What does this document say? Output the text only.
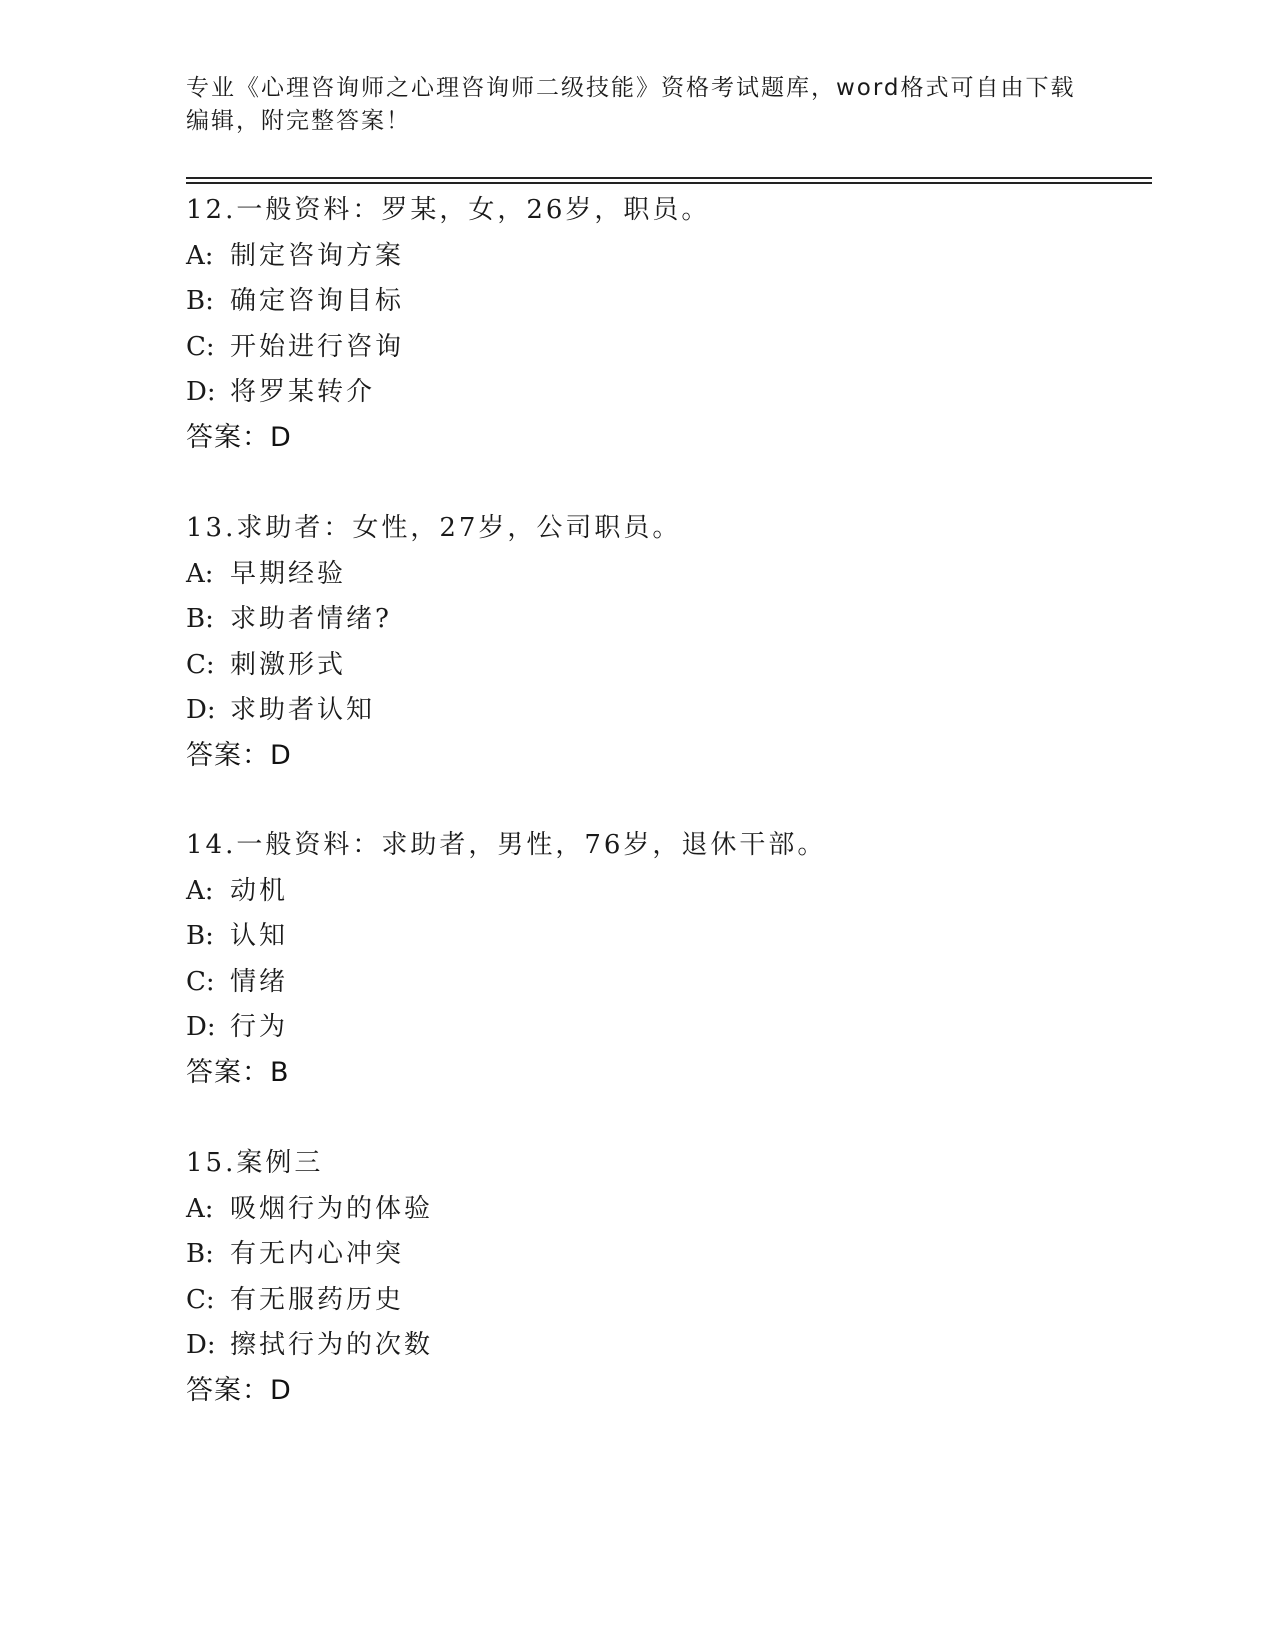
专业《心理咨询师之心理咨询师二级技能》资格考试题库，word格式可自由下载
编辑，附完整答案！
12.一般资料：罗某，女，26岁，职员。
A: 制定咨询方案
B: 确定咨询目标
C: 开始进行咨询
D: 将罗某转介
答案：D
13.求助者：女性，27岁，公司职员。
A: 早期经验
B: 求助者情绪?
C: 刺激形式
D: 求助者认知
答案：D
14.一般资料：求助者，男性，76岁，退休干部。
A: 动机
B: 认知
C: 情绪
D: 行为
答案：B
15.案例三
A: 吸烟行为的体验
B: 有无内心冲突
C: 有无服药历史
D: 擦拭行为的次数
答案：D
